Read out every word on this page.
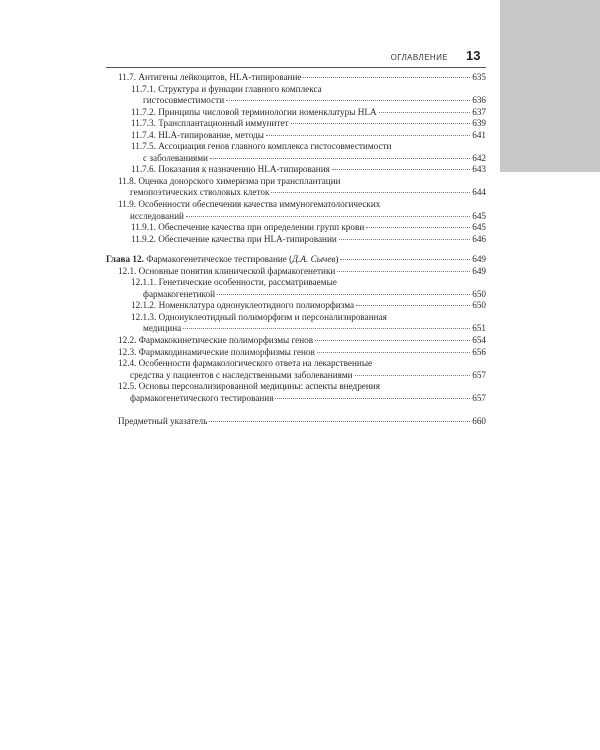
ОГЛАВЛЕНИЕ 13
11.7. Антигены лейкоцитов, HLA-типирование	635
11.7.1. Структура и функции главного комплекса
гистосовместимости	636
11.7.2. Принципы числовой терминологии номенклатуры HLA	637
11.7.3. Трансплантационный иммунитет	639
11.7.4. HLA-типирование, методы	641
11.7.5. Ассоциация генов главного комплекса гистосовместимости
с заболеваниями	642
11.7.6. Показания к назначению HLA-типирования	643
11.8. Оценка донорского химеризма при трансплантации
гемопоэтических стволовых клеток	644
11.9. Особенности обеспечения качества иммуногематологических
исследований	645
11.9.1. Обеспечение качества при определении групп крови	645
11.9.2. Обеспечение качества при HLA-типировании	646
Глава 12. Фармакогенетическое тестирование (Д.А. Сычев)	649
12.1. Основные понятия клинической фармакогенетики	649
12.1.1. Генетические особенности, рассматриваемые
фармакогенетикой	650
12.1.2. Номенклатура однонуклеотидного полиморфизма	650
12.1.3. Однонуклеотидный полиморфизм и персонализированная
медицина	651
12.2. Фармакокинетические полиморфизмы генов	654
12.3. Фармакодинамические полиморфизмы генов	656
12.4. Особенности фармакологического ответа на лекарственные
средства у пациентов с наследственными заболеваниями	657
12.5. Основы персонализированной медицины: аспекты внедрения
фармакогенетического тестирования	657
Предметный указатель	660
